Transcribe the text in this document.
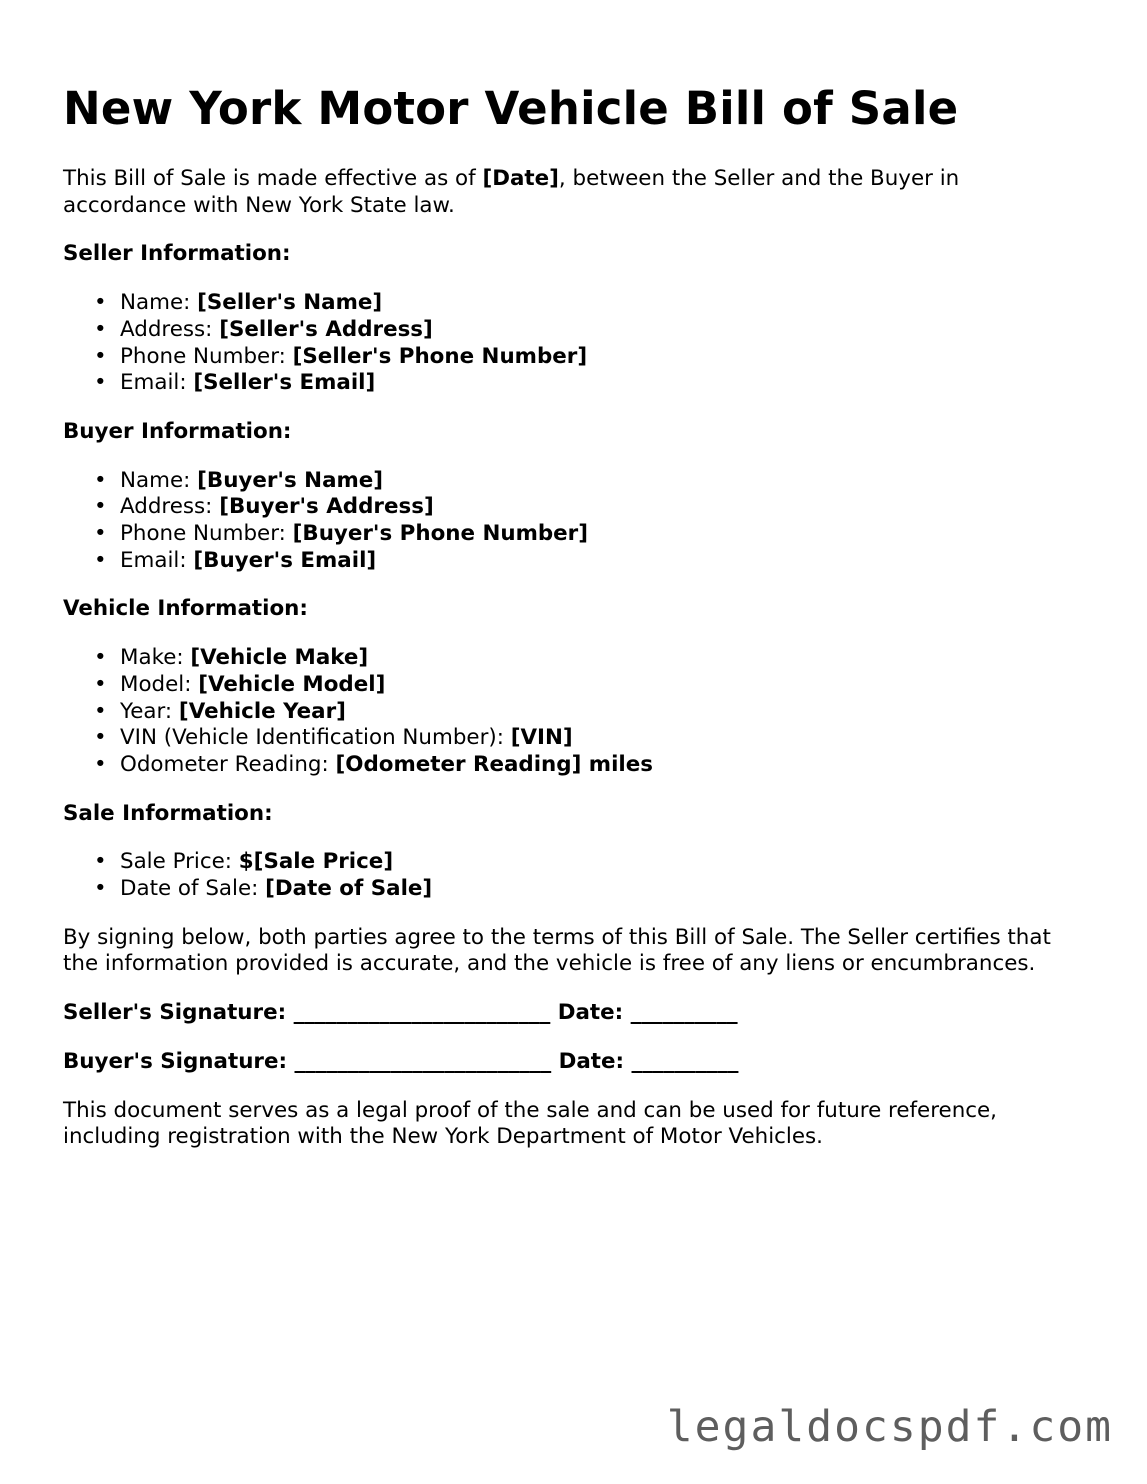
New York Motor Vehicle Bill of Sale

This Bill of Sale is made effective as of [Date], between the Seller and the Buyer in accordance with New York State law.

Seller Information:
• Name: [Seller's Name]
• Address: [Seller's Address]
• Phone Number: [Seller's Phone Number]
• Email: [Seller's Email]
Buyer Information:
• Name: [Buyer's Name]
• Address: [Buyer's Address]
• Phone Number: [Buyer's Phone Number]
• Email: [Buyer's Email]
Vehicle Information:
• Make: [Vehicle Make]
• Model: [Vehicle Model]
• Year: [Vehicle Year]
• VIN (Vehicle Identification Number): [VIN]
• Odometer Reading: [Odometer Reading] miles
Sale Information:
• Sale Price: $[Sale Price]
• Date of Sale: [Date of Sale]

By signing below, both parties agree to the terms of this Bill of Sale. The Seller certifies that the information provided is accurate, and the vehicle is free of any liens or encumbrances.

Seller's Signature: ________________________ Date: __________
Buyer's Signature: ________________________ Date: __________

This document serves as a legal proof of the sale and can be used for future reference, including registration with the New York Department of Motor Vehicles.

legaldocspdf.com
